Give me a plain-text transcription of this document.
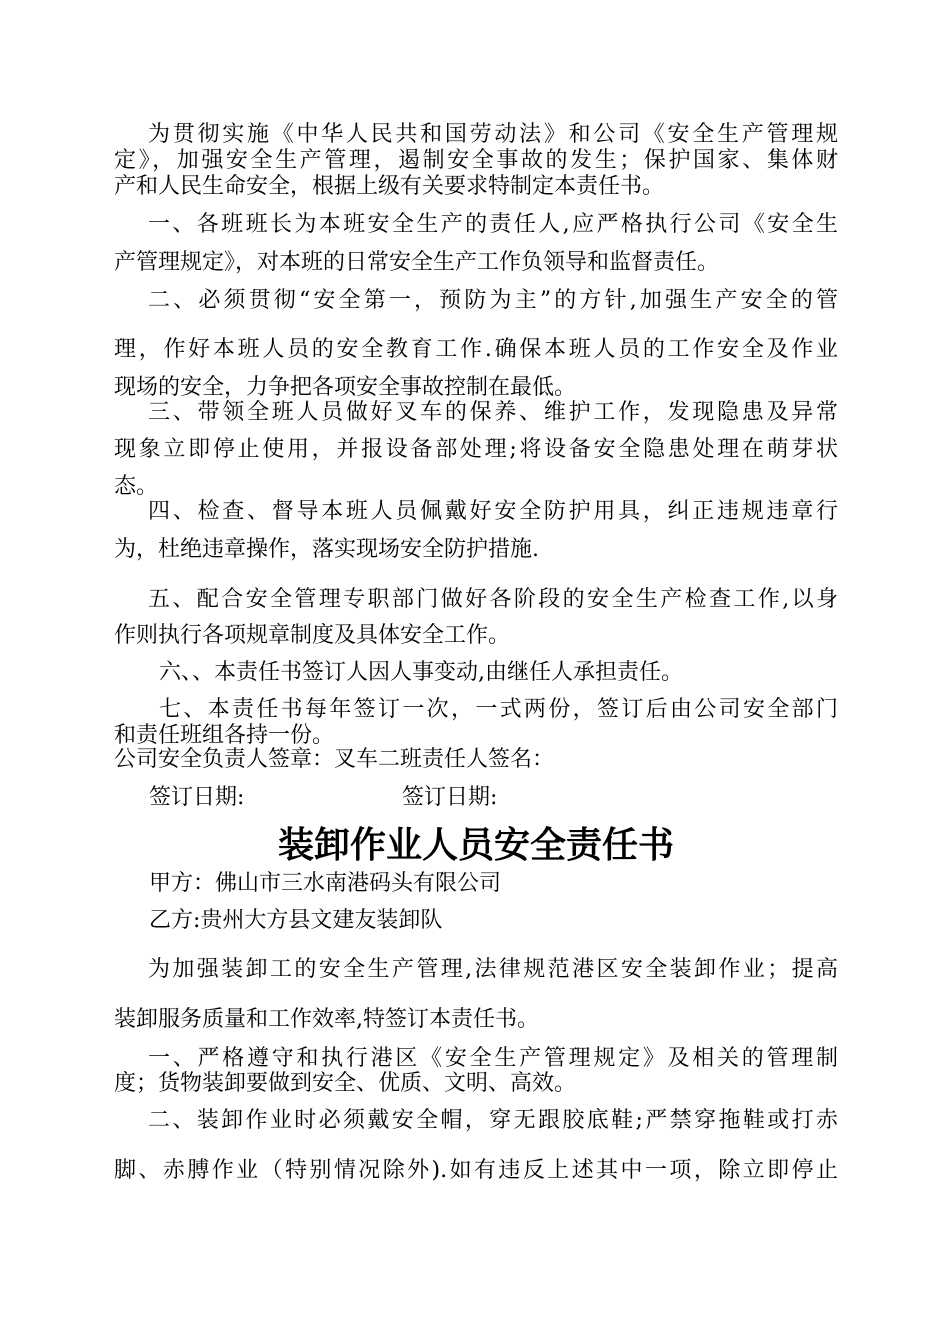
为贯彻实施《中华人民共和国劳动法》和公司《安全生产管理规
定》，加强安全生产管理，遏制安全事故的发生；保护国家、集体财
产和人民生命安全，根据上级有关要求特制定本责任书。
一、各班班长为本班安全生产的责任人,应严格执行公司《安全生
产管理规定》，对本班的日常安全生产工作负领导和监督责任。
二、必须贯彻“安全第一，预防为主”的方针,加强生产安全的管
理，作好本班人员的安全教育工作.确保本班人员的工作安全及作业
现场的安全，力争把各项安全事故控制在最低。
三、带领全班人员做好叉车的保养、维护工作，发现隐患及异常
现象立即停止使用，并报设备部处理;将设备安全隐患处理在萌芽状
态。
四、检查、督导本班人员佩戴好安全防护用具，纠正违规违章行
为，杜绝违章操作，落实现场安全防护措施.
五、配合安全管理专职部门做好各阶段的安全生产检查工作,以身
作则执行各项规章制度及具体安全工作。
六、、本责任书签订人因人事变动,由继任人承担责任。
七、本责任书每年签订一次，一式两份，签订后由公司安全部门
和责任班组各持一份。
公司安全负责人签章：叉车二班责任人签名：
签订日期:	签订日期:
装卸作业人员安全责任书
甲方：佛山市三水南港码头有限公司
乙方:贵州大方县文建友装卸队
为加强装卸工的安全生产管理,法律规范港区安全装卸作业；提高
装卸服务质量和工作效率,特签订本责任书。
一、严格遵守和执行港区《安全生产管理规定》及相关的管理制
度；货物装卸要做到安全、优质、文明、高效。
二、装卸作业时必须戴安全帽，穿无跟胶底鞋;严禁穿拖鞋或打赤
脚、赤膊作业（特别情况除外).如有违反上述其中一项，除立即停止
